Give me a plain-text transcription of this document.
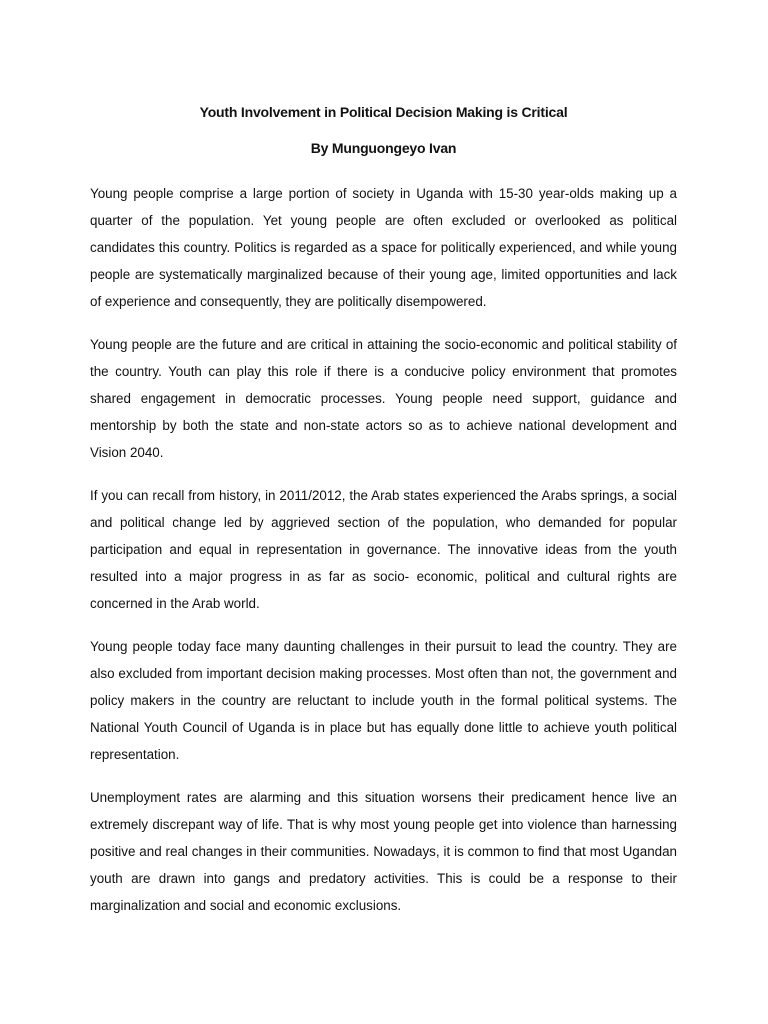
Youth Involvement in Political Decision Making is Critical
By Munguongeyo Ivan

Young people comprise a large portion of society in Uganda with 15-30 year-olds making up a quarter of the population. Yet young people are often excluded or overlooked as political candidates this country. Politics is regarded as a space for politically experienced, and while young people are systematically marginalized because of their young age, limited opportunities and lack of experience and consequently, they are politically disempowered.

Young people are the future and are critical in attaining the socio-economic and political stability of the country. Youth can play this role if there is a conducive policy environment that promotes shared engagement in democratic processes. Young people need support, guidance and mentorship by both the state and non-state actors so as to achieve national development and Vision 2040.

If you can recall from history, in 2011/2012, the Arab states experienced the Arabs springs, a social and political change led by aggrieved section of the population, who demanded for popular participation and equal in representation in governance. The innovative ideas from the youth resulted into a major progress in as far as socio- economic, political and cultural rights are concerned in the Arab world.

Young people today face many daunting challenges in their pursuit to lead the country. They are also excluded from important decision making processes. Most often than not, the government and policy makers in the country are reluctant to include youth in the formal political systems. The National Youth Council of Uganda is in place but has equally done little to achieve youth political representation.

Unemployment rates are alarming and this situation worsens their predicament hence live an extremely discrepant way of life. That is why most young people get into violence than harnessing positive and real changes in their communities. Nowadays, it is common to find that most Ugandan youth are drawn into gangs and predatory activities. This is could be a response to their marginalization and social and economic exclusions.
